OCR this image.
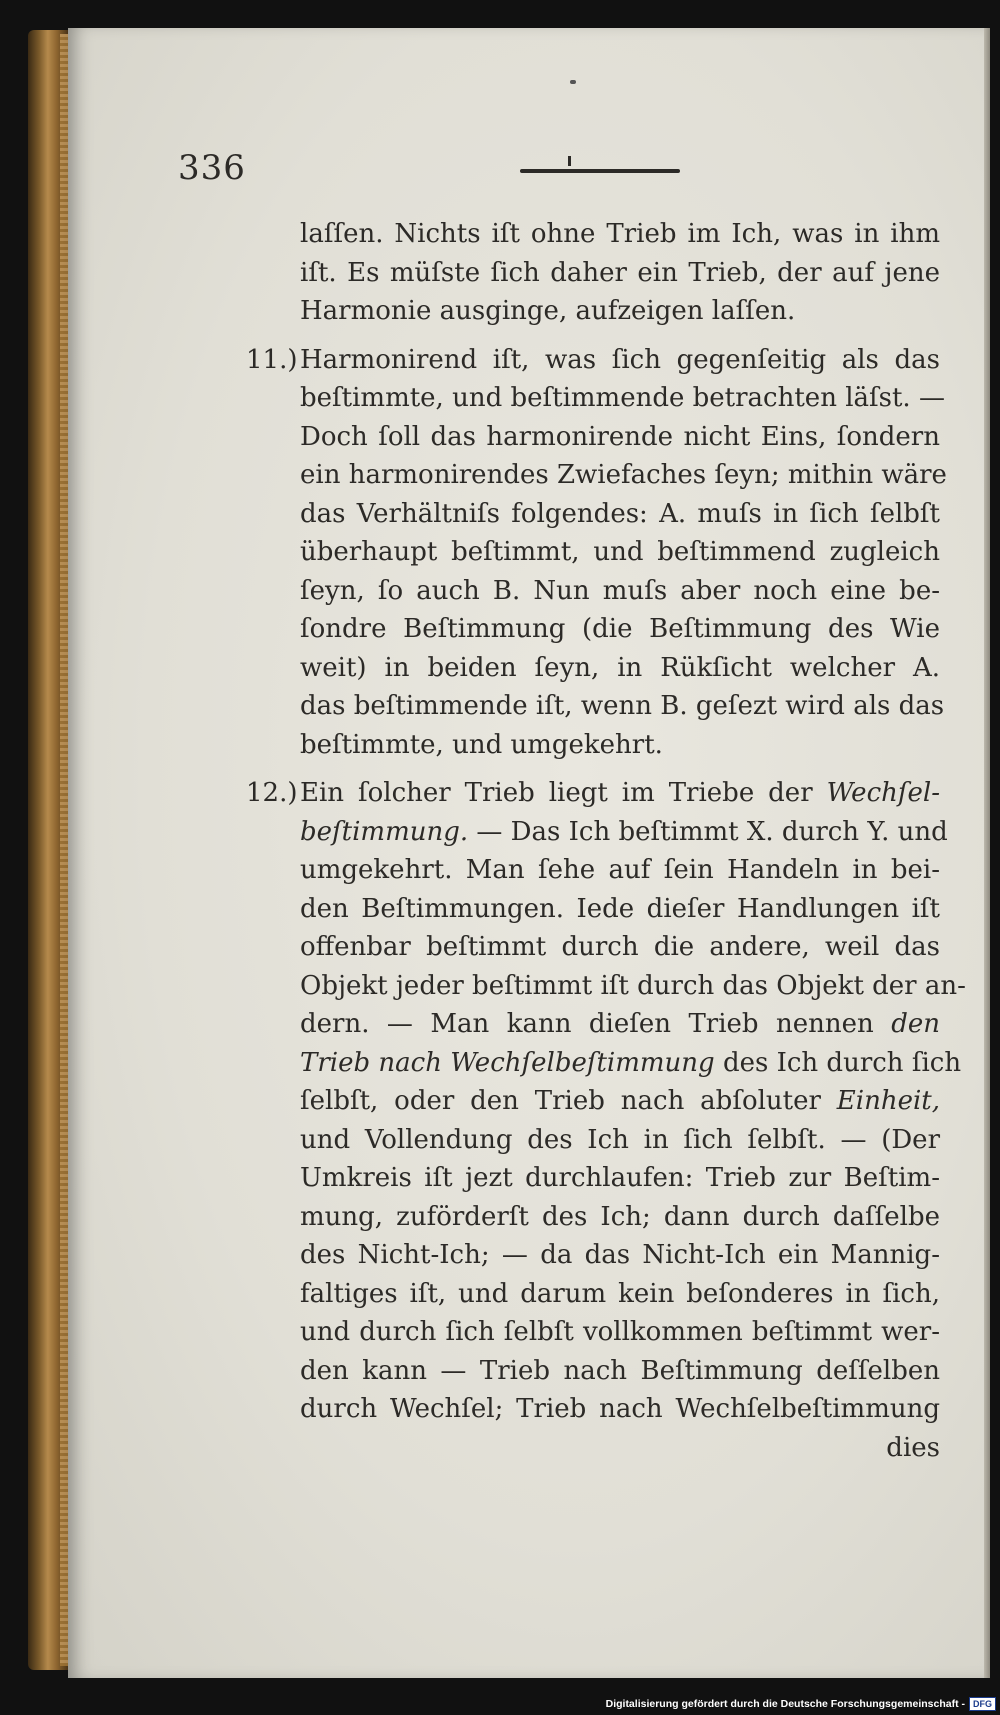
336
laſſen. Nichts iſt ohne Trieb im Ich, was in ihm
iſt. Es müſste ſich daher ein Trieb, der auf jene
Harmonie ausginge, aufzeigen laſſen.
11.) Harmonirend iſt, was ſich gegenſeitig als das
beſtimmte, und beſtimmende betrachten läſst. —
Doch ſoll das harmonirende nicht Eins, ſondern
ein harmonirendes Zwiefaches ſeyn; mithin wäre
das Verhältniſs folgendes: A. muſs in ſich ſelbſt
überhaupt beſtimmt, und beſtimmend zugleich
ſeyn, ſo auch B. Nun muſs aber noch eine be-
ſondre Beſtimmung (die Beſtimmung des Wie
weit) in beiden ſeyn, in Rükſicht welcher A.
das beſtimmende iſt, wenn B. geſezt wird als das
beſtimmte, und umgekehrt.
12.) Ein ſolcher Trieb liegt im Triebe der Wechſel-
beſtimmung. — Das Ich beſtimmt X. durch Y. und
umgekehrt. Man ſehe auf ſein Handeln in bei-
den Beſtimmungen. Iede dieſer Handlungen iſt
offenbar beſtimmt durch die andere, weil das
Objekt jeder beſtimmt iſt durch das Objekt der an-
dern. — Man kann dieſen Trieb nennen den
Trieb nach Wechſelbeſtimmung des Ich durch ſich
ſelbſt, oder den Trieb nach abſoluter Einheit,
und Vollendung des Ich in ſich ſelbſt. — (Der
Umkreis iſt jezt durchlaufen: Trieb zur Beſtim-
mung, zuförderſt des Ich; dann durch daſſelbe
des Nicht-Ich; — da das Nicht-Ich ein Mannig-
faltiges iſt, und darum kein beſonderes in ſich,
und durch ſich ſelbſt vollkommen beſtimmt wer-
den kann — Trieb nach Beſtimmung deſſelben
durch Wechſel; Trieb nach Wechſelbeſtimmung
dies
Digitalisierung gefördert durch die Deutsche Forschungsgemeinschaft - DFG
